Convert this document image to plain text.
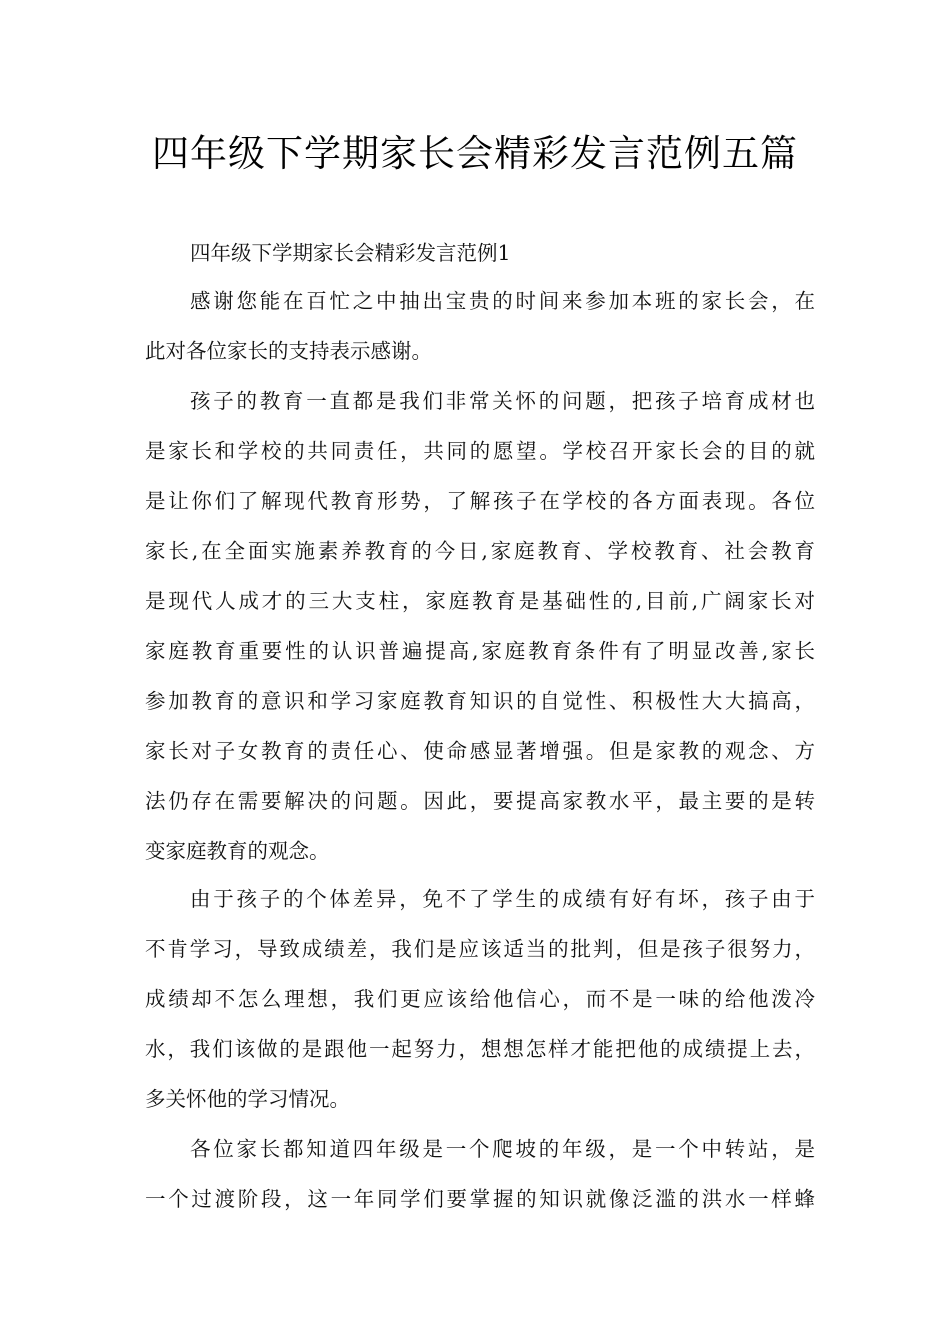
四年级下学期家长会精彩发言范例五篇
四年级下学期家长会精彩发言范例1
感谢您能在百忙之中抽出宝贵的时间来参加本班的家长会，在
此对各位家长的支持表示感谢。
孩子的教育一直都是我们非常关怀的问题，把孩子培育成材也
是家长和学校的共同责任，共同的愿望。学校召开家长会的目的就
是让你们了解现代教育形势，了解孩子在学校的各方面表现。各位
家长,在全面实施素养教育的今日,家庭教育、学校教育、社会教育
是现代人成才的三大支柱，家庭教育是基础性的,目前,广阔家长对
家庭教育重要性的认识普遍提高,家庭教育条件有了明显改善,家长
参加教育的意识和学习家庭教育知识的自觉性、积极性大大搞高，
家长对子女教育的责任心、使命感显著增强。但是家教的观念、方
法仍存在需要解决的问题。因此，要提高家教水平，最主要的是转
变家庭教育的观念。
由于孩子的个体差异，免不了学生的成绩有好有坏，孩子由于
不肯学习，导致成绩差，我们是应该适当的批判，但是孩子很努力，
成绩却不怎么理想，我们更应该给他信心，而不是一味的给他泼冷
水，我们该做的是跟他一起努力，想想怎样才能把他的成绩提上去，
多关怀他的学习情况。
各位家长都知道四年级是一个爬坡的年级，是一个中转站，是
一个过渡阶段，这一年同学们要掌握的知识就像泛滥的洪水一样蜂
